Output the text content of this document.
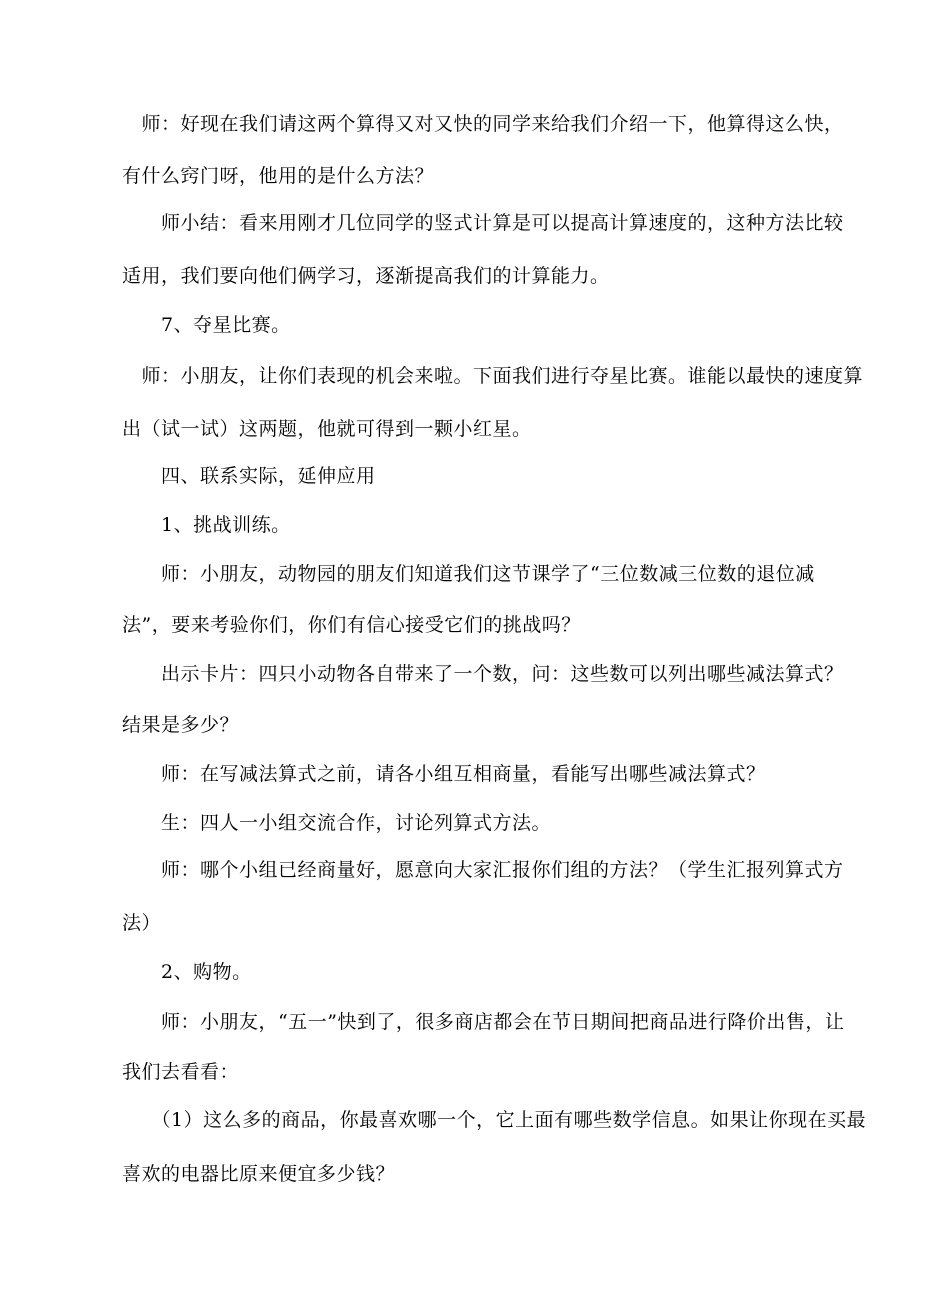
　师：好现在我们请这两个算得又对又快的同学来给我们介绍一下，他算得这么快，
有什么窍门呀，他用的是什么方法？
　　师小结：看来用刚才几位同学的竖式计算是可以提高计算速度的，这种方法比较
适用，我们要向他们俩学习，逐渐提高我们的计算能力。
　　7、夺星比赛。
　师：小朋友，让你们表现的机会来啦。下面我们进行夺星比赛。谁能以最快的速度算
出（试一试）这两题，他就可得到一颗小红星。
　　四、联系实际，延伸应用
　　1、挑战训练。
　　师：小朋友，动物园的朋友们知道我们这节课学了“三位数减三位数的退位减
法”，要来考验你们，你们有信心接受它们的挑战吗？
　　出示卡片：四只小动物各自带来了一个数，问：这些数可以列出哪些减法算式？
结果是多少？
　　师：在写减法算式之前，请各小组互相商量，看能写出哪些减法算式？
　　生：四人一小组交流合作，讨论列算式方法。
　　师：哪个小组已经商量好，愿意向大家汇报你们组的方法？（学生汇报列算式方
法）
　　2、购物。
　　师：小朋友，“五一”快到了，很多商店都会在节日期间把商品进行降价出售，让
我们去看看：
　　（1）这么多的商品，你最喜欢哪一个，它上面有哪些数学信息。如果让你现在买最
喜欢的电器比原来便宜多少钱？
